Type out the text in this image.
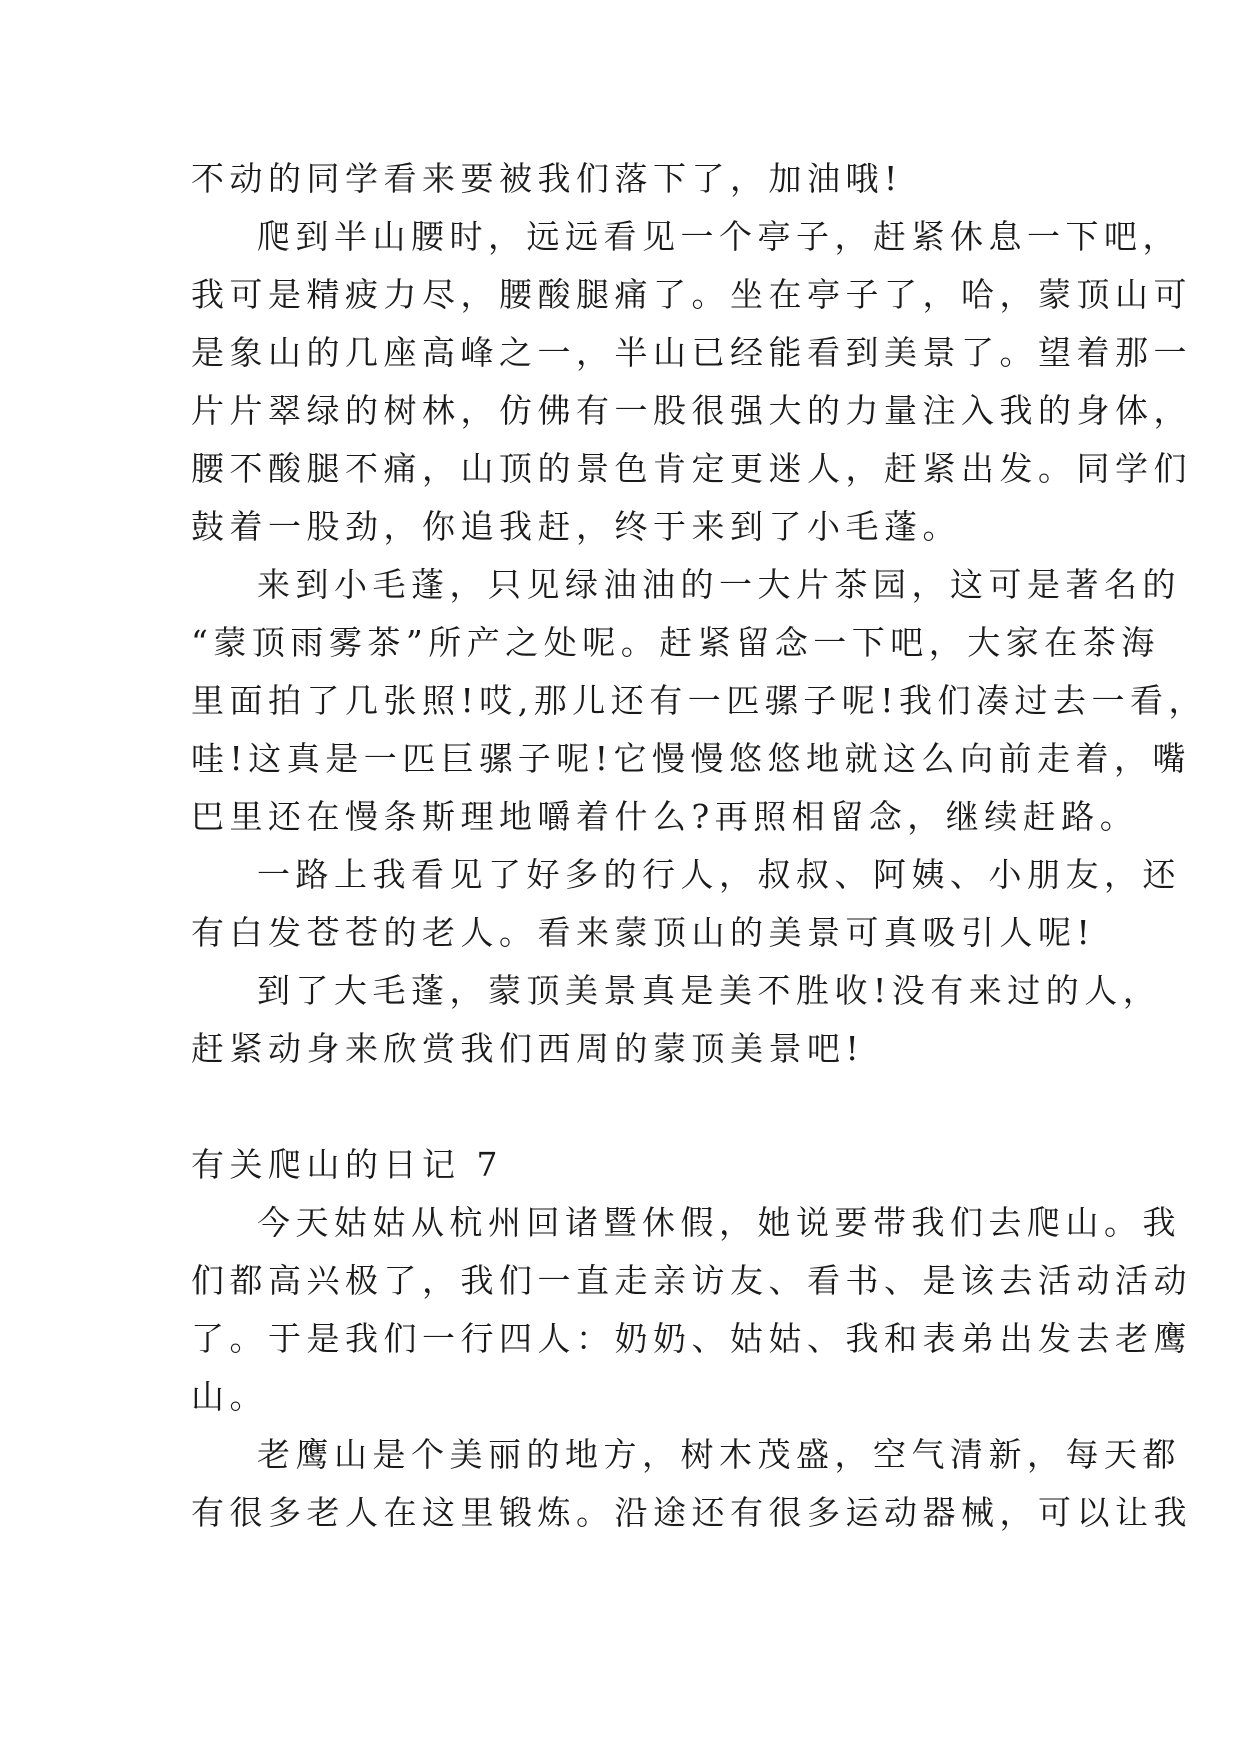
不动的同学看来要被我们落下了，加油哦!
爬到半山腰时，远远看见一个亭子，赶紧休息一下吧，
我可是精疲力尽，腰酸腿痛了。坐在亭子了，哈，蒙顶山可
是象山的几座高峰之一，半山已经能看到美景了。望着那一
片片翠绿的树林，仿佛有一股很强大的力量注入我的身体，
腰不酸腿不痛，山顶的景色肯定更迷人，赶紧出发。同学们
鼓着一股劲，你追我赶，终于来到了小毛蓬。
来到小毛蓬，只见绿油油的一大片茶园，这可是著名的
“蒙顶雨雾茶”所产之处呢。赶紧留念一下吧，大家在茶海
里面拍了几张照!哎,那儿还有一匹骡子呢!我们凑过去一看，
哇!这真是一匹巨骡子呢!它慢慢悠悠地就这么向前走着，嘴
巴里还在慢条斯理地嚼着什么?再照相留念，继续赶路。
一路上我看见了好多的行人，叔叔、阿姨、小朋友，还
有白发苍苍的老人。看来蒙顶山的美景可真吸引人呢!
到了大毛蓬，蒙顶美景真是美不胜收!没有来过的人，
赶紧动身来欣赏我们西周的蒙顶美景吧!
有关爬山的日记 7
今天姑姑从杭州回诸暨休假，她说要带我们去爬山。我
们都高兴极了，我们一直走亲访友、看书、是该去活动活动
了。于是我们一行四人：奶奶、姑姑、我和表弟出发去老鹰
山。
老鹰山是个美丽的地方，树木茂盛，空气清新，每天都
有很多老人在这里锻炼。沿途还有很多运动器械，可以让我
